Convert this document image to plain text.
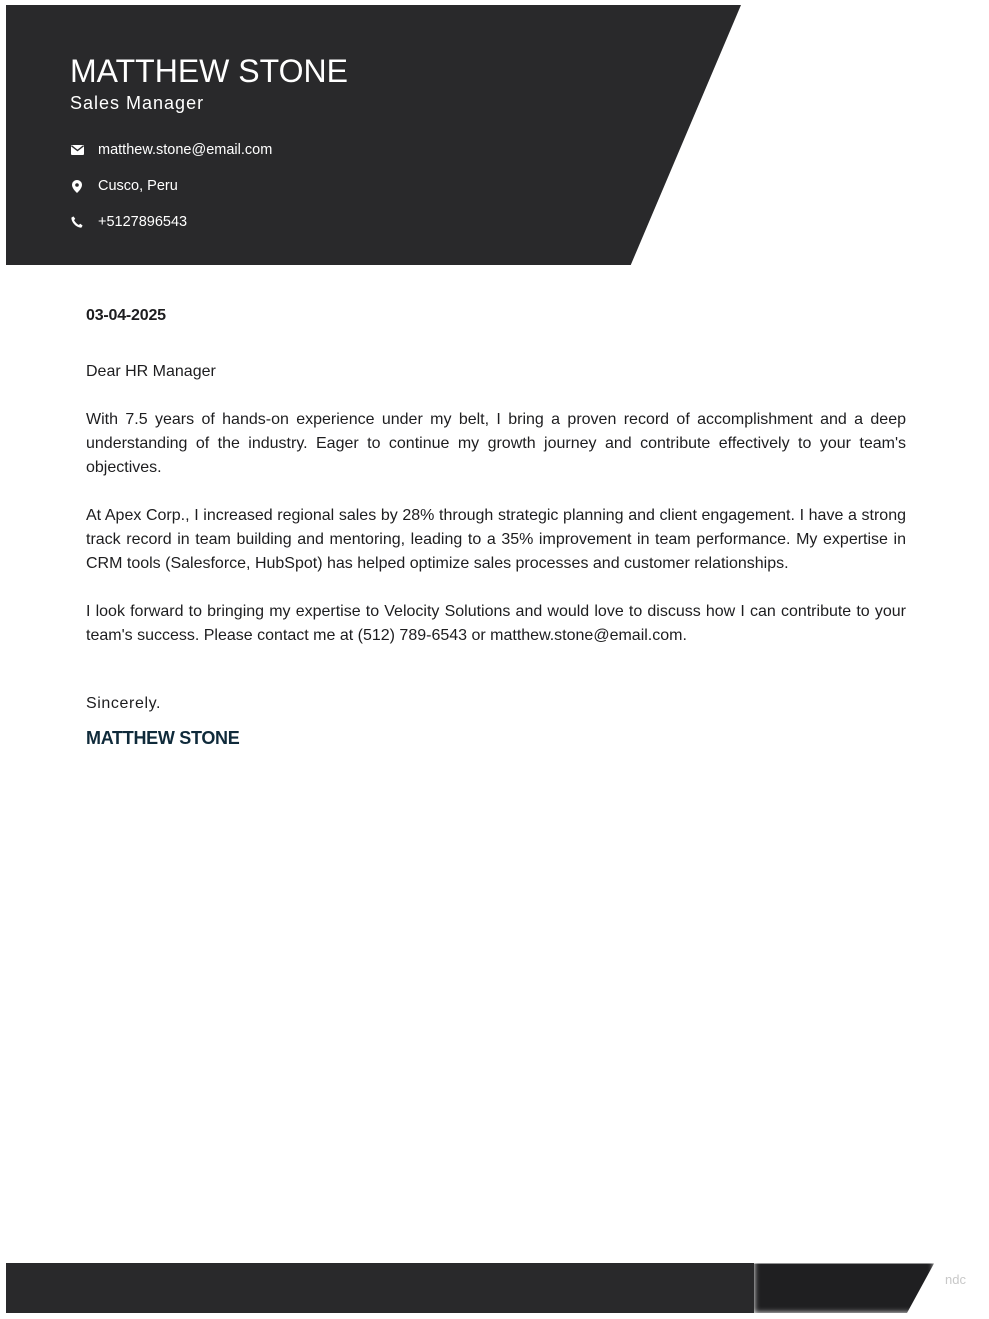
MATTHEW STONE
Sales Manager
matthew.stone@email.com
Cusco, Peru
+5127896543
03-04-2025
Dear HR Manager
With 7.5 years of hands-on experience under my belt, I bring a proven record of accomplishment and a deep understanding of the industry. Eager to continue my growth journey and contribute effectively to your team's objectives.
At Apex Corp., I increased regional sales by 28% through strategic planning and client engagement. I have a strong track record in team building and mentoring, leading to a 35% improvement in team performance. My expertise in CRM tools (Salesforce, HubSpot) has helped optimize sales processes and customer relationships.
I look forward to bringing my expertise to Velocity Solutions and would love to discuss how I can contribute to your team's success. Please contact me at (512) 789-6543 or matthew.stone@email.com.
Sincerely.
MATTHEW STONE
ndc
